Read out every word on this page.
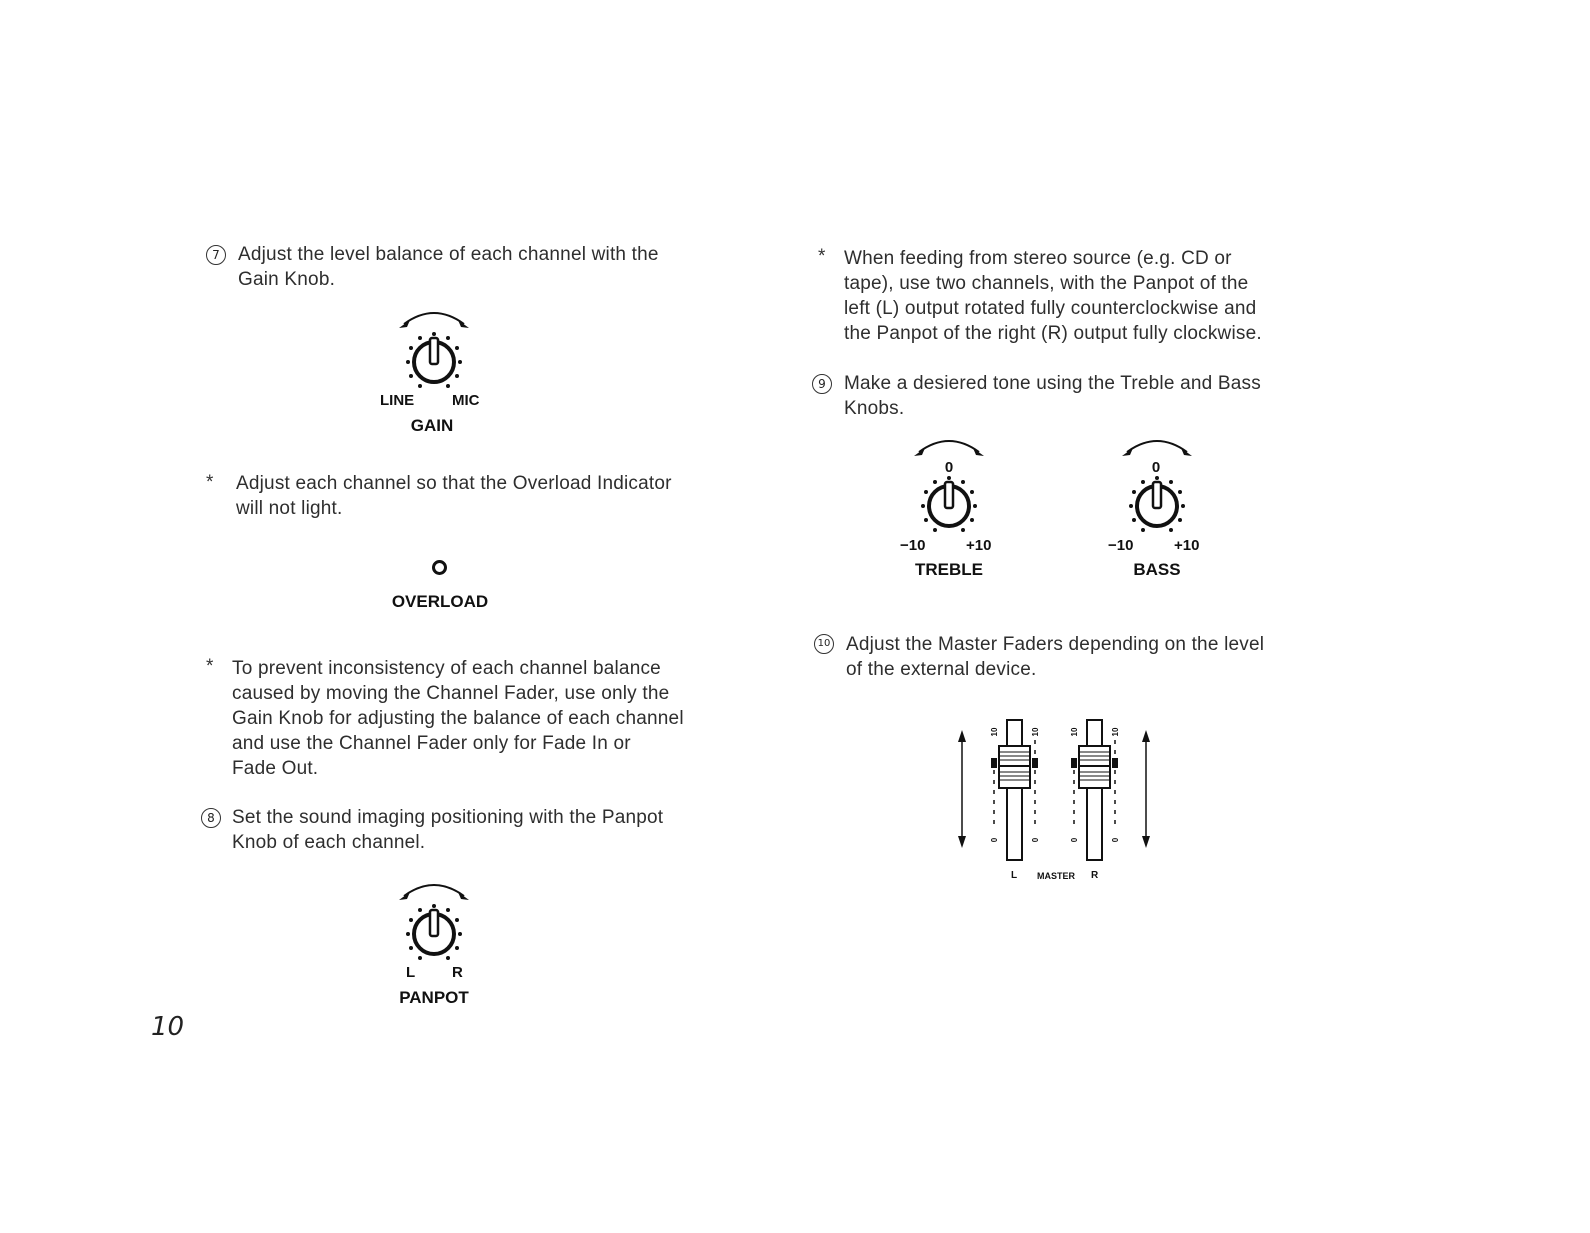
7 Adjust the level balance of each channel with the
Gain Knob.
LINE	MIC
GAIN
* Adjust each channel so that the Overload Indicator
will not light.
OVERLOAD
* To prevent inconsistency of each channel balance
caused by moving the Channel Fader, use only the
Gain Knob for adjusting the balance of each channel
and use the Channel Fader only for Fade In or
Fade Out.
8 Set the sound imaging positioning with the Panpot
Knob of each channel.
L R
PANPOT
10
* When feeding from stereo source (e.g. CD or
tape), use two channels, with the Panpot of the
left (L) output rotated fully counterclockwise and
the Panpot of the right (R) output fully clockwise.
9 Make a desiered tone using the Treble and Bass
Knobs.
0
−10	+10
TREBLE
0
−10	+10
BASS
10 Adjust the Master Faders depending on the level
of the external device.
10	10	10	10
0	0	0	0
L	MASTER	R
